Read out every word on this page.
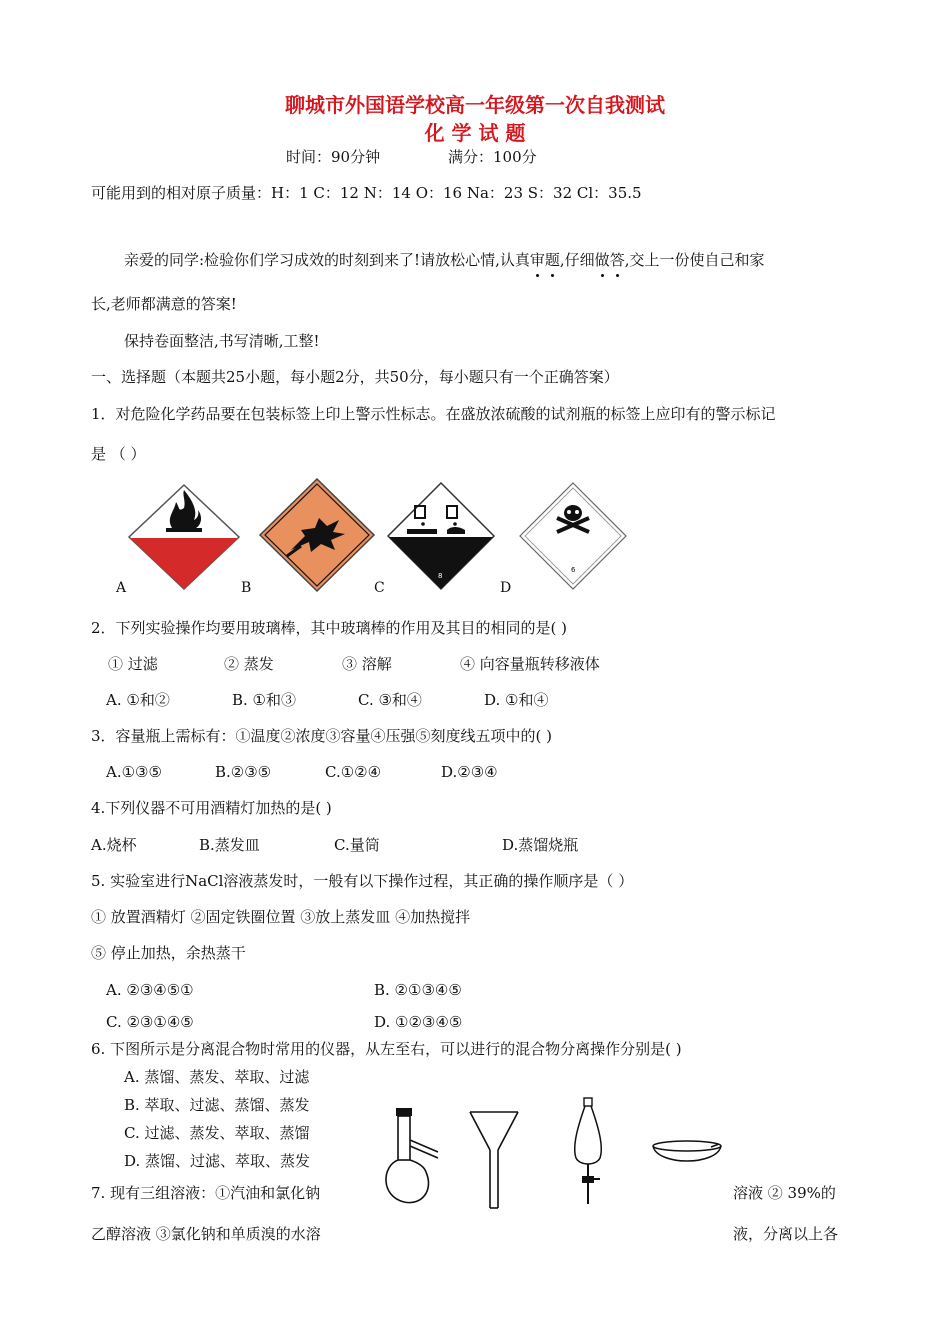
聊城市外国语学校高一年级第一次自我测试
化 学 试 题
时间：90分钟	满分：100分
可能用到的相对原子质量：H：1 C：12 N：14 O：16 Na：23 S：32 Cl：35.5
亲爱的同学:检验你们学习成效的时刻到来了!请放松心情,认真审题,仔细做答,交上一份使自己和家
长,老师都满意的答案!
保持卷面整洁,书写清晰,工整!
一、选择题（本题共25小题，每小题2分，共50分，每小题只有一个正确答案）
1．对危险化学药品要在包装标签上印上警示性标志。在盛放浓硫酸的试剂瓶的标签上应印有的警示标记
是 （ ）
A	B
8
C
6
D
2．下列实验操作均要用玻璃棒，其中玻璃棒的作用及其目的相同的是( )
① 过滤	② 蒸发	③ 溶解	④ 向容量瓶转移液体
A. ①和②	B. ①和③	C. ③和④	D. ①和④
3．容量瓶上需标有：①温度②浓度③容量④压强⑤刻度线五项中的( )
A.①③⑤	B.②③⑤	C.①②④	D.②③④
4.下列仪器不可用酒精灯加热的是( )
A.烧杯	B.蒸发皿	C.量筒	D.蒸馏烧瓶
5. 实验室进行NaCl溶液蒸发时，一般有以下操作过程，其正确的操作顺序是（ ）
① 放置酒精灯 ②固定铁圈位置 ③放上蒸发皿 ④加热搅拌
⑤ 停止加热，余热蒸干
A. ②③④⑤①	B. ②①③④⑤
C. ②③①④⑤	D. ①②③④⑤
6. 下图所示是分离混合物时常用的仪器，从左至右，可以进行的混合物分离操作分别是( )
A. 蒸馏、蒸发、萃取、过滤
B. 萃取、过滤、蒸馏、蒸发
C. 过滤、蒸发、萃取、蒸馏
D. 蒸馏、过滤、萃取、蒸发
7. 现有三组溶液：①汽油和氯化钠	溶液 ② 39%的
乙醇溶液 ③氯化钠和单质溴的水溶	液，分离以上各
